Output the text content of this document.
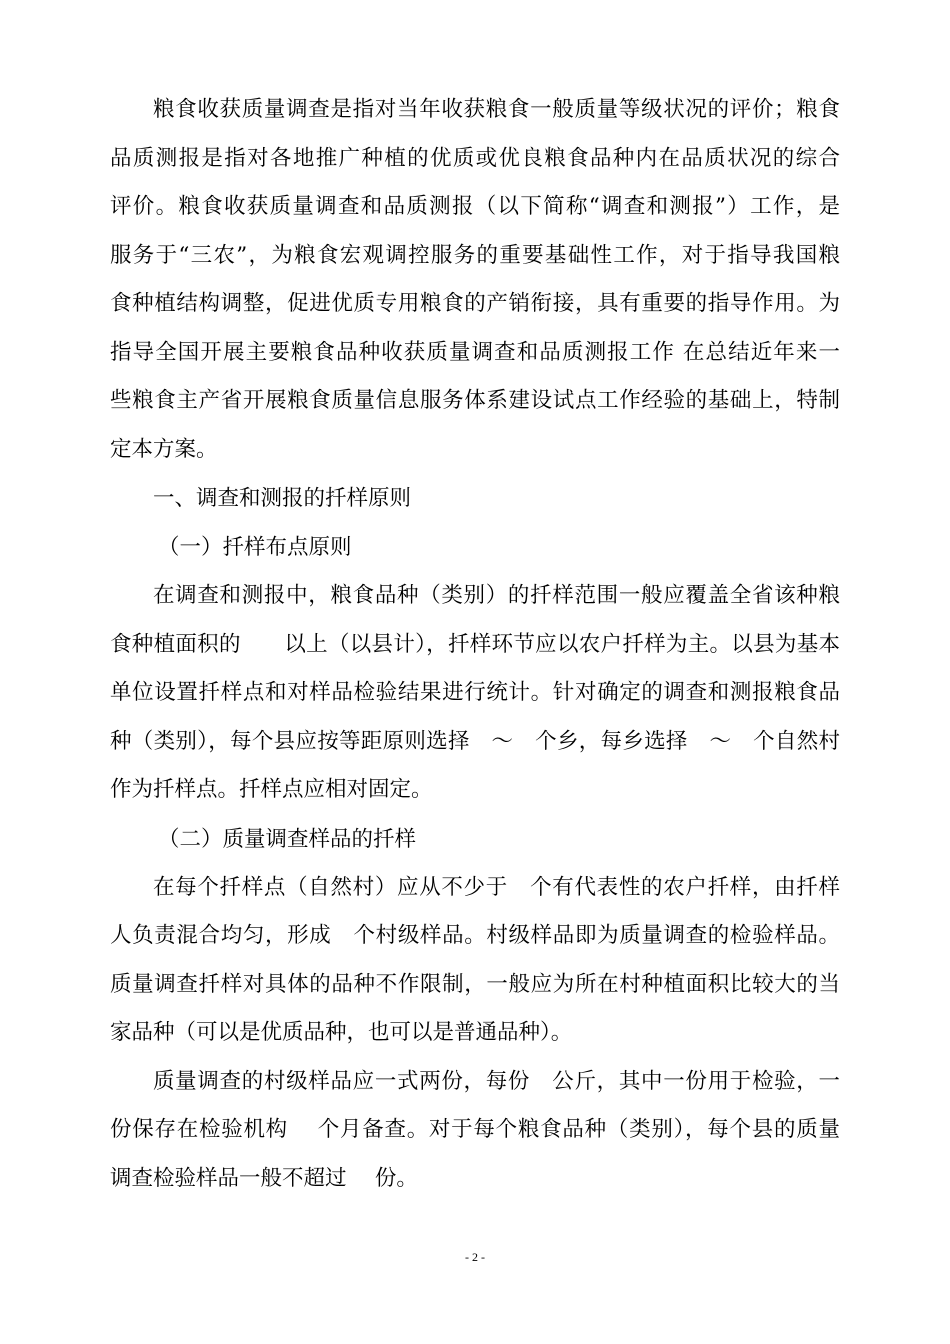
粮食收获质量调查是指对当年收获粮食一般质量等级状况的评价；粮食
品质测报是指对各地推广种植的优质或优良粮食品种内在品质状况的综合
评价。粮食收获质量调查和品质测报（以下简称“调查和测报”）工作，是
服务于“三农”，为粮食宏观调控服务的重要基础性工作，对于指导我国粮
食种植结构调整，促进优质专用粮食的产销衔接，具有重要的指导作用。为
指导全国开展主要粮食品种收获质量调查和品质测报工作 在总结近年来一
些粮食主产省开展粮食质量信息服务体系建设试点工作经验的基础上，特制
定本方案。
一、调查和测报的扦样原则
（一）扦样布点原则
在调查和测报中，粮食品种（类别）的扦样范围一般应覆盖全省该种粮
食种植面积的　　以上（以县计），扦样环节应以农户扦样为主。以县为基本
单位设置扦样点和对样品检验结果进行统计。针对确定的调查和测报粮食品
种（类别），每个县应按等距原则选择　～　个乡，每乡选择　～　个自然村
作为扦样点。扦样点应相对固定。
（二）质量调查样品的扦样
在每个扦样点（自然村）应从不少于　个有代表性的农户扦样，由扦样
人负责混合均匀，形成　个村级样品。村级样品即为质量调查的检验样品。
质量调查扦样对具体的品种不作限制，一般应为所在村种植面积比较大的当
家品种（可以是优质品种，也可以是普通品种）。
质量调查的村级样品应一式两份，每份　公斤，其中一份用于检验，一
份保存在检验机构　 个月备查。对于每个粮食品种（类别），每个县的质量
调查检验样品一般不超过　 份。
- 2 -
